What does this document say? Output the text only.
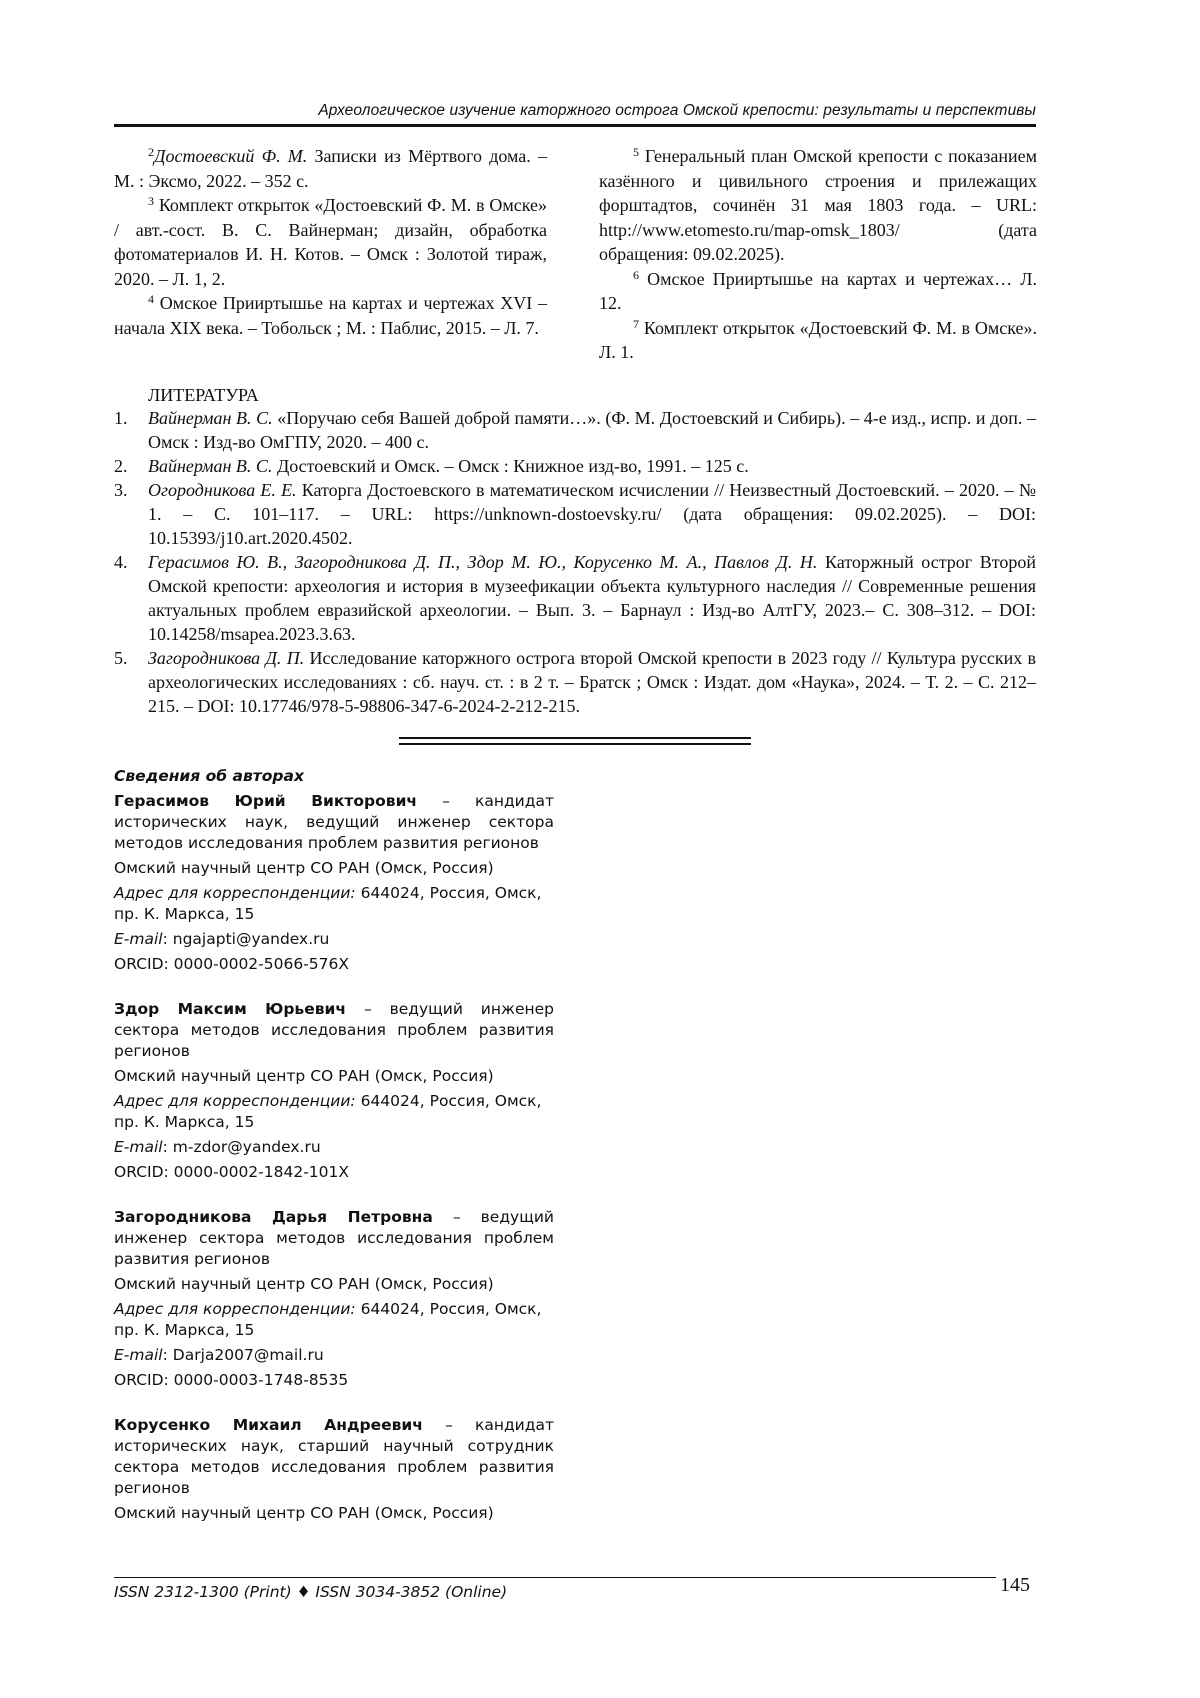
Археологическое изучение каторжного острога Омской крепости: результаты и перспективы

$^2$Достоевский Ф. М. Записки из Мёртвого дома. – М. : Эксмо, 2022. – 352 с.

$^3$ Комплект открыток «Достоевский Ф. М. в Омске» / авт.-сост. В. С. Вайнерман; дизайн, обработка фотоматериалов И. Н. Котов. – Омск : Золотой тираж, 2020. – Л. 1, 2.

$^4$ Омское Прииртышье на картах и чертежах XVI – начала XIX века. – Тобольск ; М. : Паблис, 2015. – Л. 7.

$^5$ Генеральный план Омской крепости с показанием казённого и цивильного строения и прилежащих форштадтов, сочинён 31 мая 1803 года. – URL: http://www.etomesto.ru/map-omsk_1803/ (дата обращения: 09.02.2025).

$^6$ Омское Прииртышье на картах и чертежах… Л. 12.

$^7$ Комплект открыток «Достоевский Ф. М. в Омске». Л. 1.

ЛИТЕРАТУРА
1. Вайнерман В. С. «Поручаю себя Вашей доброй памяти…». (Ф. М. Достоевский и Сибирь). – 4-е изд., испр. и доп. – Омск : Изд-во ОмГПУ, 2020. – 400 с.
2. Вайнерман В. С. Достоевский и Омск. – Омск : Книжное изд-во, 1991. – 125 с.
3. Огородникова Е. Е. Каторга Достоевского в математическом исчислении // Неизвестный Достоевский. – 2020. – № 1. – С. 101–117. – URL: https://unknown-dostoevsky.ru/ (дата обращения: 09.02.2025). – DOI: 10.15393/j10.art.2020.4502.
4. Герасимов Ю. В., Загородникова Д. П., Здор М. Ю., Корусенко М. А., Павлов Д. Н. Каторжный острог Второй Омской крепости: археология и история в музеефикации объекта культурного наследия // Современные решения актуальных проблем евразийской археологии. – Вып. 3. – Барнаул : Изд-во АлтГУ, 2023.– С. 308–312. – DOI: 10.14258/msapea.2023.3.63.
5. Загородникова Д. П. Исследование каторжного острога второй Омской крепости в 2023 году // Культура русских в археологических исследованиях : сб. науч. ст. : в 2 т. – Братск ; Омск : Издат. дом «Наука», 2024. – Т. 2. – С. 212–215. – DOI: 10.17746/978-5-98806-347-6-2024-2-212-215.

Сведения об авторах

Герасимов Юрий Викторович – кандидат исторических наук, ведущий инженер сектора методов исследования проблем развития регионов

Омский научный центр СО РАН (Омск, Россия)

Адрес для корреспонденции: 644024, Россия, Омск, пр. К. Маркса, 15

E-mail: ngajapti@yandex.ru

ORCID: 0000-0002-5066-576X

Здор Максим Юрьевич – ведущий инженер сектора методов исследования проблем развития регионов

Омский научный центр СО РАН (Омск, Россия)

Адрес для корреспонденции: 644024, Россия, Омск, пр. К. Маркса, 15

E-mail: m-zdor@yandex.ru

ORCID: 0000-0002-1842-101X

Загородникова Дарья Петровна – ведущий инженер сектора методов исследования проблем развития регионов

Омский научный центр СО РАН (Омск, Россия)

Адрес для корреспонденции: 644024, Россия, Омск, пр. К. Маркса, 15

E-mail: Darja2007@mail.ru

ORCID: 0000-0003-1748-8535

Корусенко Михаил Андреевич – кандидат исторических наук, старший научный сотрудник сектора методов исследования проблем развития регионов

Омский научный центр СО РАН (Омск, Россия)

ISSN 2312-1300 (Print) ♦ ISSN 3034-3852 (Online)	145
